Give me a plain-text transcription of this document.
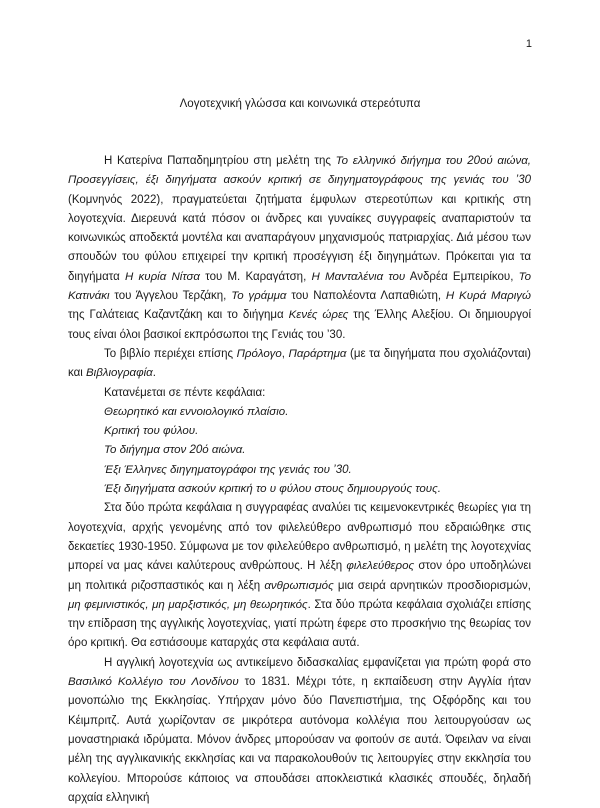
1
Λογοτεχνική γλώσσα και κοινωνικά στερεότυπα

Η Κατερίνα Παπαδημητρίου στη μελέτη της Το ελληνικό διήγημα του 20ού αιώνα, Προσεγγίσεις, έξι διηγήματα ασκούν κριτική σε διηγηματογράφους της γενιάς του ’30 (Κομνηνός 2022), πραγματεύεται ζητήματα έμφυλων στερεοτύπων και κριτικής στη λογοτεχνία. Διερευνά κατά πόσον οι άνδρες και γυναίκες συγγραφείς αναπαριστούν τα κοινωνικώς αποδεκτά μοντέλα και αναπαράγουν μηχανισμούς πατριαρχίας. Διά μέσου των σπουδών του φύλου επιχειρεί την κριτική προσέγγιση έξι διηγημάτων. Πρόκειται για τα διηγήματα Η κυρία Νίτσα του Μ. Καραγάτση, Η Μανταλένια του Ανδρέα Εμπειρίκου, Το Κατινάκι του Άγγελου Τερζάκη, Το γράμμα του Ναπολέοντα Λαπαθιώτη, Η Κυρά Μαριγώ της Γαλάτειας Καζαντζάκη και το διήγημα Κενές ώρες της Έλλης Αλεξίου. Οι δημιουργοί τους είναι όλοι βασικοί εκπρόσωποι της Γενιάς του ’30.

Το βιβλίο περιέχει επίσης Πρόλογο, Παράρτημα (με τα διηγήματα που σχολιάζονται) και Βιβλιογραφία.

Κατανέμεται σε πέντε κεφάλαια:

Θεωρητικό και εννοιολογικό πλαίσιο.
Κριτική του φύλου.
Το διήγημα στον 20ό αιώνα.
Έξι Έλληνες διηγηματογράφοι της γενιάς του ’30.
Έξι διηγήματα ασκούν κριτική το υ φύλου στους δημιουργούς τους.

Στα δύο πρώτα κεφάλαια η συγγραφέας αναλύει τις κειμενοκεντρικές θεωρίες για τη λογοτεχνία, αρχής γενομένης από τον φιλελεύθερο ανθρωπισμό που εδραιώθηκε στις δεκαετίες 1930-1950. Σύμφωνα με τον φιλελεύθερο ανθρωπισμό, η μελέτη της λογοτεχνίας μπορεί να μας κάνει καλύτερους ανθρώπους. Η λέξη φιλελεύθερος στον όρο υποδηλώνει μη πολιτικά ριζοσπαστικός και η λέξη ανθρωπισμός μια σειρά αρνητικών προσδιορισμών, μη φεμινιστικός, μη μαρξιστικός, μη θεωρητικός. Στα δύο πρώτα κεφάλαια σχολιάζει επίσης την επίδραση της αγγλικής λογοτεχνίας, γιατί πρώτη έφερε στο προσκήνιο της θεωρίας τον όρο κριτική. Θα εστιάσουμε καταρχάς στα κεφάλαια αυτά.

Η αγγλική λογοτεχνία ως αντικείμενο διδασκαλίας εμφανίζεται για πρώτη φορά στο Βασιλικό Κολλέγιο του Λονδίνου το 1831. Μέχρι τότε, η εκπαίδευση στην Αγγλία ήταν μονοπώλιο της Εκκλησίας. Υπήρχαν μόνο δύο Πανεπιστήμια, της Οξφόρδης και του Κέιμπριτζ. Αυτά χωρίζονταν σε μικρότερα αυτόνομα κολλέγια που λειτουργούσαν ως μοναστηριακά ιδρύματα. Μόνον άνδρες μπορούσαν να φοιτούν σε αυτά. Όφειλαν να είναι μέλη της αγγλικανικής εκκλησίας και να παρακολουθούν τις λειτουργίες στην εκκλησία του κολλεγίου. Μπορούσε κάποιος να σπουδάσει αποκλειστικά κλασικές σπουδές, δηλαδή αρχαία ελληνική
